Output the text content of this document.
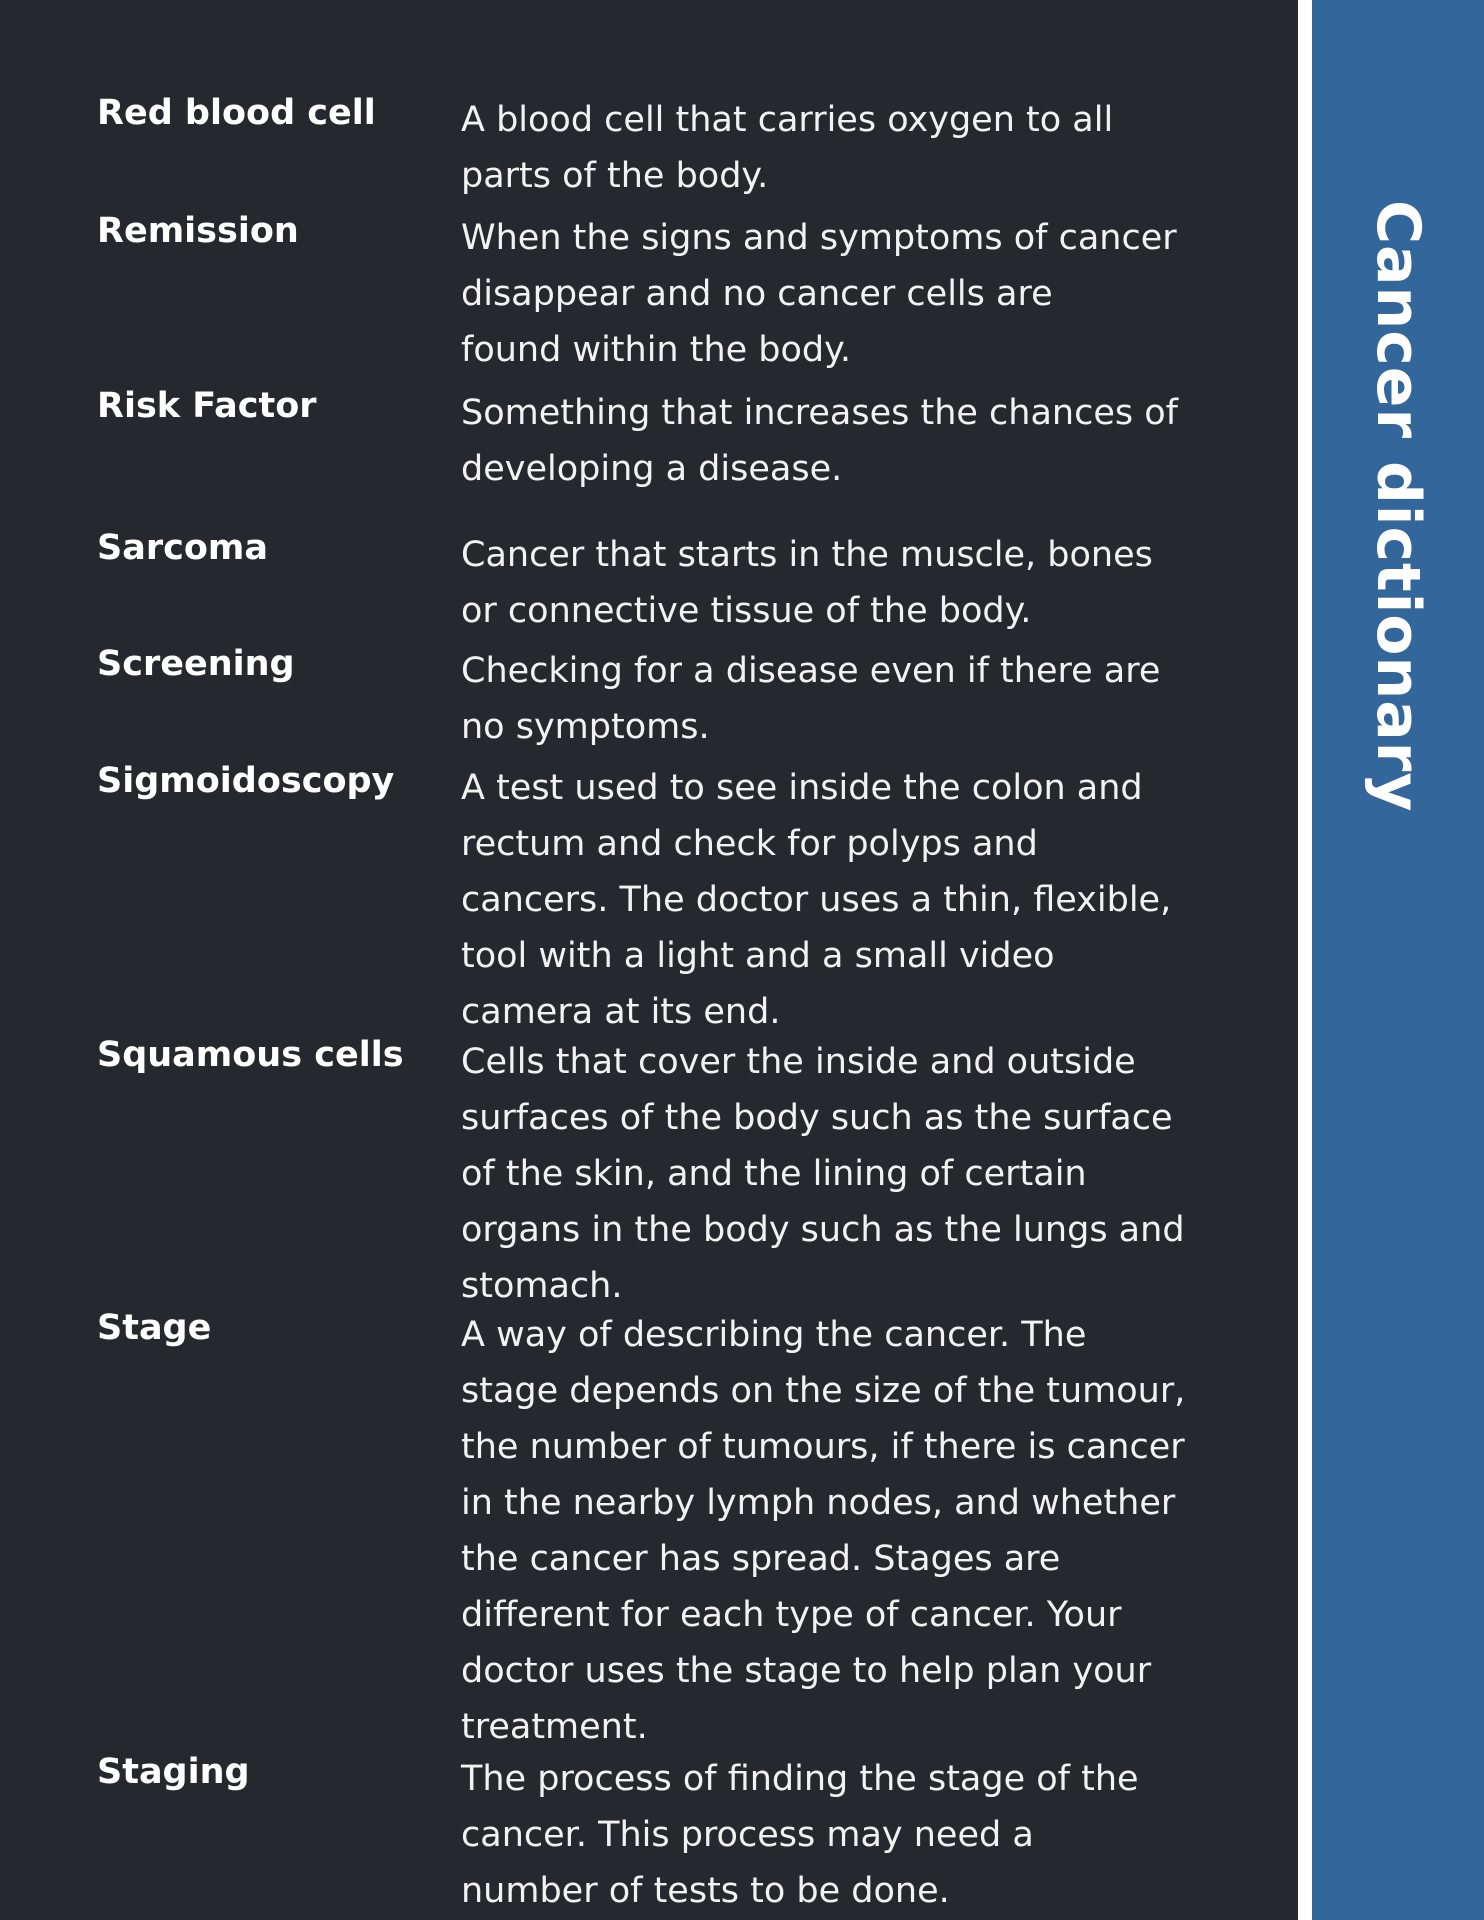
Red blood cell	A blood cell that carries oxygen to all
parts of the body.
Remission	When the signs and symptoms of cancer
disappear and no cancer cells are
found within the body.
Risk Factor	Something that increases the chances of
developing a disease.
Sarcoma	Cancer that starts in the muscle, bones
or connective tissue of the body.
Screening	Checking for a disease even if there are
no symptoms.
Sigmoidoscopy	A test used to see inside the colon and
rectum and check for polyps and
cancers. The doctor uses a thin, flexible,
tool with a light and a small video
camera at its end.
Squamous cells	Cells that cover the inside and outside
surfaces of the body such as the surface
of the skin, and the lining of certain
organs in the body such as the lungs and
stomach.
Stage	A way of describing the cancer. The
stage depends on the size of the tumour,
the number of tumours, if there is cancer
in the nearby lymph nodes, and whether
the cancer has spread. Stages are
different for each type of cancer. Your
doctor uses the stage to help plan your
treatment.
Staging	The process of finding the stage of the
cancer. This process may need a
number of tests to be done.
Cancer dictionary
